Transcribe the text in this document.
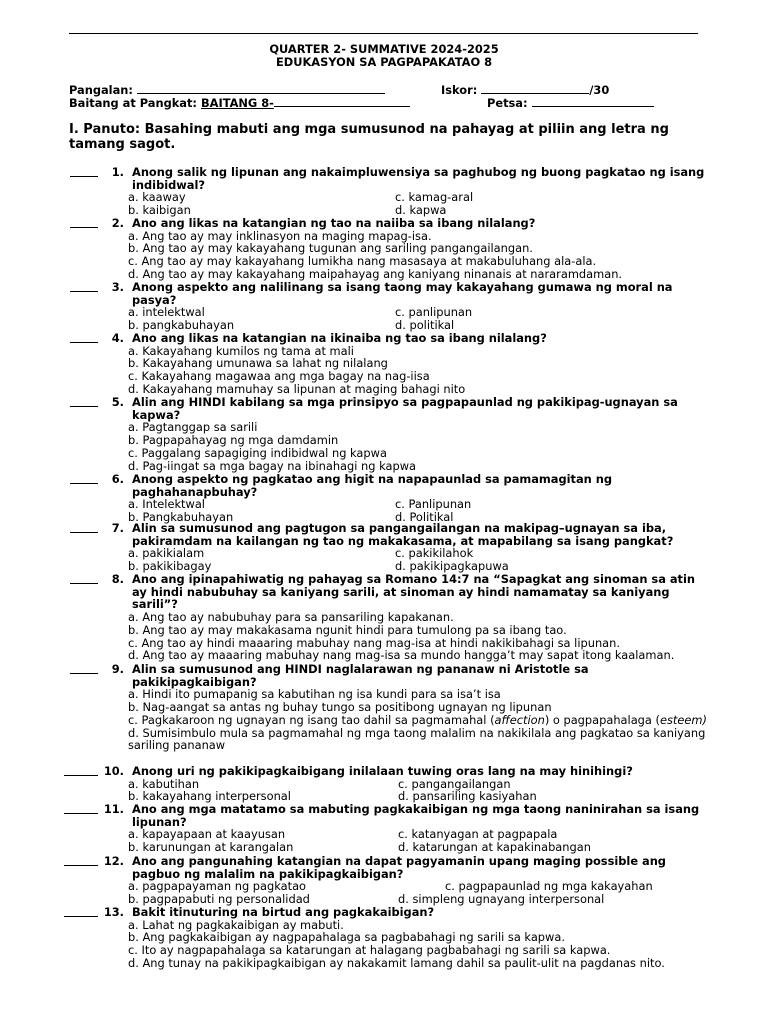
QUARTER 2- SUMMATIVE 2024-2025
EDUKASYON SA PAGPAPAKATAO 8
Pangalan:	Iskor:	/30
Baitang at Pangkat: BAITANG 8-	Petsa:
I. Panuto: Basahing mabuti ang mga sumusunod na pahayag at piliin ang letra ng tamang sagot.
1. Anong salik ng lipunan ang nakaimpluwensiya sa paghubog ng buong pagkatao ng isang indibidwal?
a. kaaway	c. kamag-aral
b. kaibigan	d. kapwa
2. Ano ang likas na katangian ng tao na naiiba sa ibang nilalang?
a. Ang tao ay may inklinasyon na maging mapag-isa.
b. Ang tao ay may kakayahang tugunan ang sariling pangangailangan.
c. Ang tao ay may kakayahang lumikha nang masasaya at makabuluhang ala-ala.
d. Ang tao ay may kakayahang maipahayag ang kaniyang ninanais at nararamdaman.
3. Anong aspekto ang nalilinang sa isang taong may kakayahang gumawa ng moral na pasya?
a. intelektwal	c. panlipunan
b. pangkabuhayan	d. politikal
4. Ano ang likas na katangian na ikinaiba ng tao sa ibang nilalang?
a. Kakayahang kumilos ng tama at mali
b. Kakayahang umunawa sa lahat ng nilalang
c. Kakayahang magawaa ang mga bagay na nag-iisa
d. Kakayahang mamuhay sa lipunan at maging bahagi nito
5. Alin ang HINDI kabilang sa mga prinsipyo sa pagpapaunlad ng pakikipag-ugnayan sa kapwa?
a. Pagtanggap sa sarili
b. Pagpapahayag ng mga damdamin
c. Paggalang sapagiging indibidwal ng kapwa
d. Pag-iingat sa mga bagay na ibinahagi ng kapwa
6. Anong aspekto ng pagkatao ang higit na napapaunlad sa pamamagitan ng paghahanapbuhay?
a. Intelektwal	c. Panlipunan
b. Pangkabuhayan	d. Politikal
7. Alin sa sumusunod ang pagtugon sa pangangailangan na makipag–ugnayan sa iba, pakiramdam na kailangan ng tao ng makakasama, at mapabilang sa isang pangkat?
a. pakikialam	c. pakikilahok
b. pakikibagay	d. pakikipagkapuwa
8. Ano ang ipinapahiwatig ng pahayag sa Romano 14:7 na “Sapagkat ang sinoman sa atin ay hindi nabubuhay sa kaniyang sarili, at sinoman ay hindi namamatay sa kaniyang sarili”?
a. Ang tao ay nabubuhay para sa pansariling kapakanan.
b. Ang tao ay may makakasama ngunit hindi para tumulong pa sa ibang tao.
c. Ang tao ay hindi maaaring mabuhay nang mag-isa at hindi nakikibahagi sa lipunan.
d. Ang tao ay maaaring mabuhay nang mag-isa sa mundo hangga’t may sapat itong kaalaman.
9. Alin sa sumusunod ang HINDI naglalarawan ng pananaw ni Aristotle sa pakikipagkaibigan?
a. Hindi ito pumapanig sa kabutihan ng isa kundi para sa isa’t isa
b. Nag-aangat sa antas ng buhay tungo sa positibong ugnayan ng lipunan
c. Pagkakaroon ng ugnayan ng isang tao dahil sa pagmamahal (affection) o pagpapahalaga (esteem)
d. Sumisimbulo mula sa pagmamahal ng mga taong malalim na nakikilala ang pagkatao sa kaniyang sariling pananaw
10. Anong uri ng pakikipagkaibigang inilalaan tuwing oras lang na may hinihingi?
a. kabutihan	c. pangangailangan
b. kakayahang interpersonal	d. pansariling kasiyahan
11. Ano ang mga matatamo sa mabuting pagkakaibigan ng mga taong naninirahan sa isang lipunan?
a. kapayapaan at kaayusan	c. katanyagan at pagpapala
b. karunungan at karangalan	d. katarungan at kapakinabangan
12. Ano ang pangunahing katangian na dapat pagyamanin upang maging possible ang pagbuo ng malalim na pakikipagkaibigan?
a. pagpapayaman ng pagkatao	c. pagpapaunlad ng mga kakayahan
b. pagpapabuti ng personalidad	d. simpleng ugnayang interpersonal
13. Bakit itinuturing na birtud ang pagkakaibigan?
a. Lahat ng pagkakaibigan ay mabuti.
b. Ang pagkakaibigan ay nagpapahalaga sa pagbabahagi ng sarili sa kapwa.
c. Ito ay nagpapahalaga sa katarungan at halagang pagbabahagi ng sarili sa kapwa.
d. Ang tunay na pakikipagkaibigan ay nakakamit lamang dahil sa paulit-ulit na pagdanas nito.
